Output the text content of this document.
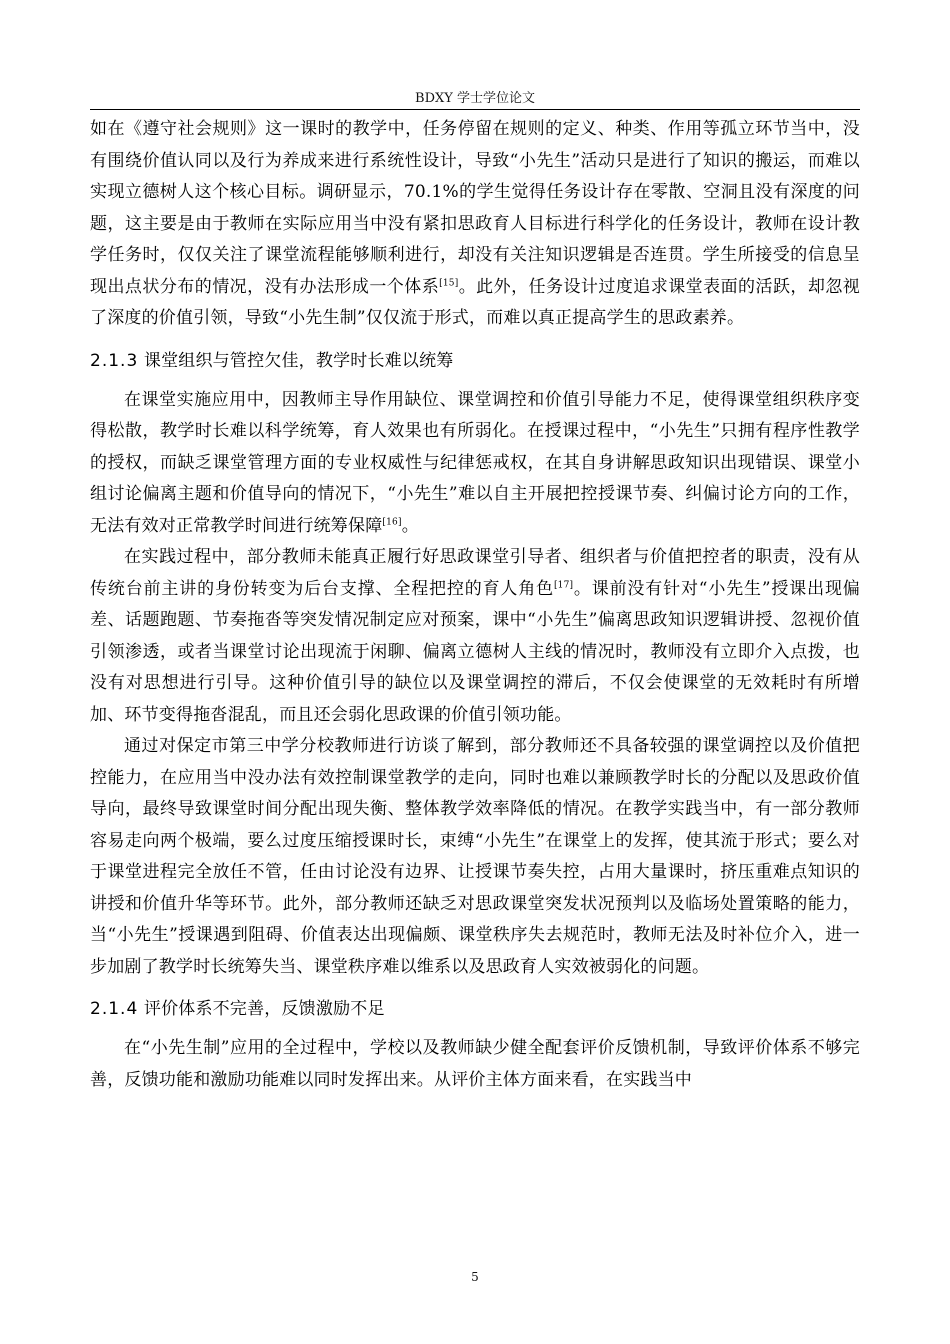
BDXY 学士学位论文

如在《遵守社会规则》这一课时的教学中，任务停留在规则的定义、种类、作用等孤立环节当中，没有围绕价值认同以及行为养成来进行系统性设计，导致“小先生”活动只是进行了知识的搬运，而难以实现立德树人这个核心目标。调研显示，70.1%的学生觉得任务设计存在零散、空洞且没有深度的问题，这主要是由于教师在实际应用当中没有紧扣思政育人目标进行科学化的任务设计，教师在设计教学任务时，仅仅关注了课堂流程能够顺利进行，却没有关注知识逻辑是否连贯。学生所接受的信息呈现出点状分布的情况，没有办法形成一个体系[15]。此外，任务设计过度追求课堂表面的活跃，却忽视了深度的价值引领，导致“小先生制”仅仅流于形式，而难以真正提高学生的思政素养。

2.1.3 课堂组织与管控欠佳，教学时长难以统筹

在课堂实施应用中，因教师主导作用缺位、课堂调控和价值引导能力不足，使得课堂组织秩序变得松散，教学时长难以科学统筹，育人效果也有所弱化。在授课过程中，“小先生”只拥有程序性教学的授权，而缺乏课堂管理方面的专业权威性与纪律惩戒权，在其自身讲解思政知识出现错误、课堂小组讨论偏离主题和价值导向的情况下，“小先生”难以自主开展把控授课节奏、纠偏讨论方向的工作，无法有效对正常教学时间进行统筹保障[16]。

在实践过程中，部分教师未能真正履行好思政课堂引导者、组织者与价值把控者的职责，没有从传统台前主讲的身份转变为后台支撑、全程把控的育人角色[17]。课前没有针对“小先生”授课出现偏差、话题跑题、节奏拖沓等突发情况制定应对预案，课中“小先生”偏离思政知识逻辑讲授、忽视价值引领渗透，或者当课堂讨论出现流于闲聊、偏离立德树人主线的情况时，教师没有立即介入点拨，也没有对思想进行引导。这种价值引导的缺位以及课堂调控的滞后，不仅会使课堂的无效耗时有所增加、环节变得拖沓混乱，而且还会弱化思政课的价值引领功能。

通过对保定市第三中学分校教师进行访谈了解到，部分教师还不具备较强的课堂调控以及价值把控能力，在应用当中没办法有效控制课堂教学的走向，同时也难以兼顾教学时长的分配以及思政价值导向，最终导致课堂时间分配出现失衡、整体教学效率降低的情况。在教学实践当中，有一部分教师容易走向两个极端，要么过度压缩授课时长，束缚“小先生”在课堂上的发挥，使其流于形式；要么对于课堂进程完全放任不管，任由讨论没有边界、让授课节奏失控，占用大量课时，挤压重难点知识的讲授和价值升华等环节。此外，部分教师还缺乏对思政课堂突发状况预判以及临场处置策略的能力，当“小先生”授课遇到阻碍、价值表达出现偏颇、课堂秩序失去规范时，教师无法及时补位介入，进一步加剧了教学时长统筹失当、课堂秩序难以维系以及思政育人实效被弱化的问题。

2.1.4 评价体系不完善，反馈激励不足

在“小先生制”应用的全过程中，学校以及教师缺少健全配套评价反馈机制，导致评价体系不够完善，反馈功能和激励功能难以同时发挥出来。从评价主体方面来看，在实践当中

5
